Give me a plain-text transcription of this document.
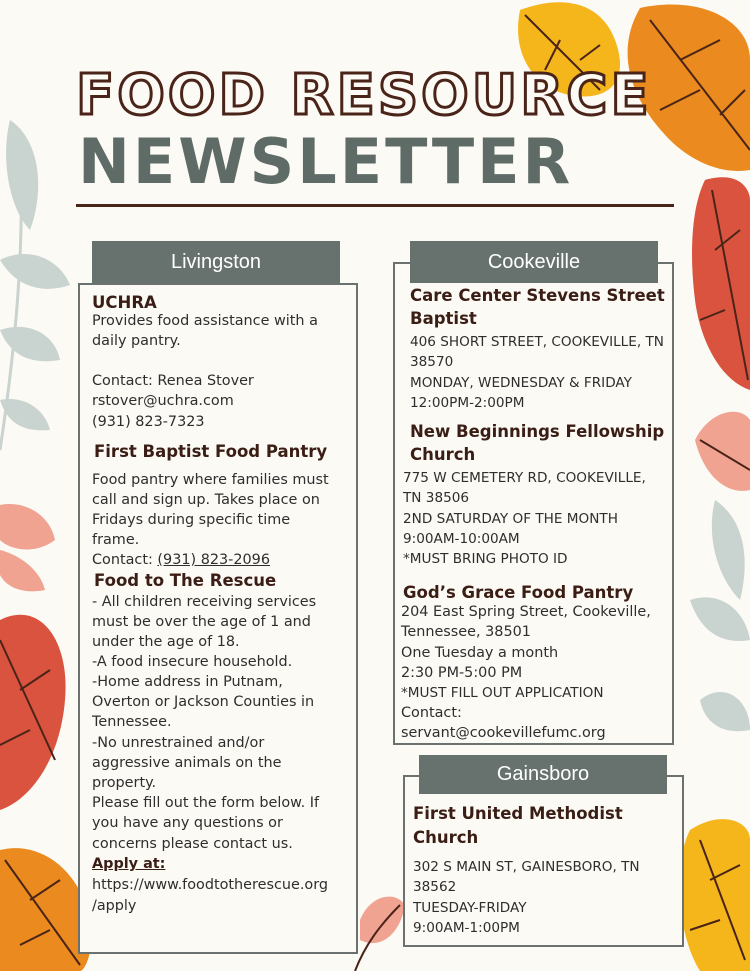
FOOD RESOURCE
NEWSLETTER
Livingston
UCHRA
Provides food assistance with a
daily pantry.
Contact: Renea Stover
rstover@uchra.com
(931) 823-7323
First Baptist Food Pantry
Food pantry where families must
call and sign up. Takes place on
Fridays during specific time
frame.
Contact: (931) 823-2096
Food to The Rescue
- All children receiving services
must be over the age of 1 and
under the age of 18.
-A food insecure household.
-Home address in Putnam,
Overton or Jackson Counties in
Tennessee.
-No unrestrained and/or
aggressive animals on the
property.
Please fill out the form below. If
you have any questions or
concerns please contact us.
Apply at:
https://www.foodtotherescue.org
/apply
Cookeville
Care Center Stevens Street
Baptist
406 SHORT STREET, COOKEVILLE, TN
38570
MONDAY, WEDNESDAY & FRIDAY
12:00PM-2:00PM
New Beginnings Fellowship
Church
775 W CEMETERY RD, COOKEVILLE,
TN 38506
2ND SATURDAY OF THE MONTH
9:00AM-10:00AM
*MUST BRING PHOTO ID
God’s Grace Food Pantry
204 East Spring Street, Cookeville,
Tennessee, 38501
One Tuesday a month
2:30 PM-5:00 PM
*MUST FILL OUT APPLICATION
Contact:
servant@cookevillefumc.org
Gainsboro
First United Methodist
Church
302 S MAIN ST, GAINESBORO, TN
38562
TUESDAY-FRIDAY
9:00AM-1:00PM
